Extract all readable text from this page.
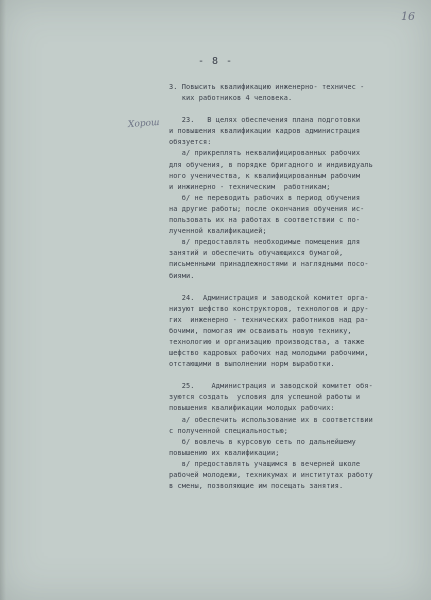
16
- 8 -
Хорош
3. Повысить квалификацию инженерно- техничес -
ких работников 4 человека.
23.   В целях обеспечения плана подготовки
и повышения квалификации кадров администрация
обязуется:
а/ прикреплять неквалифицированных рабочих
для обучения, в порядке бригадного и индивидуаль
ного ученичества, к квалифицированным рабочим
и инжинерно - техническим  работникам;
б/ не переводить рабочих в период обучения
на другие работы; после окончания обучения ис-
пользовать их на работах в соответствии с по-
лученной квалификацией;
в/ предоставлять необходимые помещения для
занятий и обеспечить обучающихся бумагой,
письменными принадлежностями и наглядными посо-
биями.
24.  Администрация и заводской комитет орга-
низуют шефство конструкторов, технологов и дру-
гих  инженерно - технических работников над ра-
бочими, помогая им осваивать новую технику,
технологию и организацию производства, а также
шефство кадровых рабочих над молодыми рабочими,
отстающими в выполнении норм выработки.
25.    Администрация и заводской комитет обя-
зуются создать  условия для успешной работы и
повышения квалификации молодых рабочих:
а/ обеспечить использование их в соответствии
с полученной специальностью;
б/ вовлечь в курсовую сеть по дальнейшему
повышению их квалификации;
в/ предоставлять учащимся в вечерней школе
рабочей молодежи, техникумах и институтах работу
в смены, позволяющие им посещать занятия.
